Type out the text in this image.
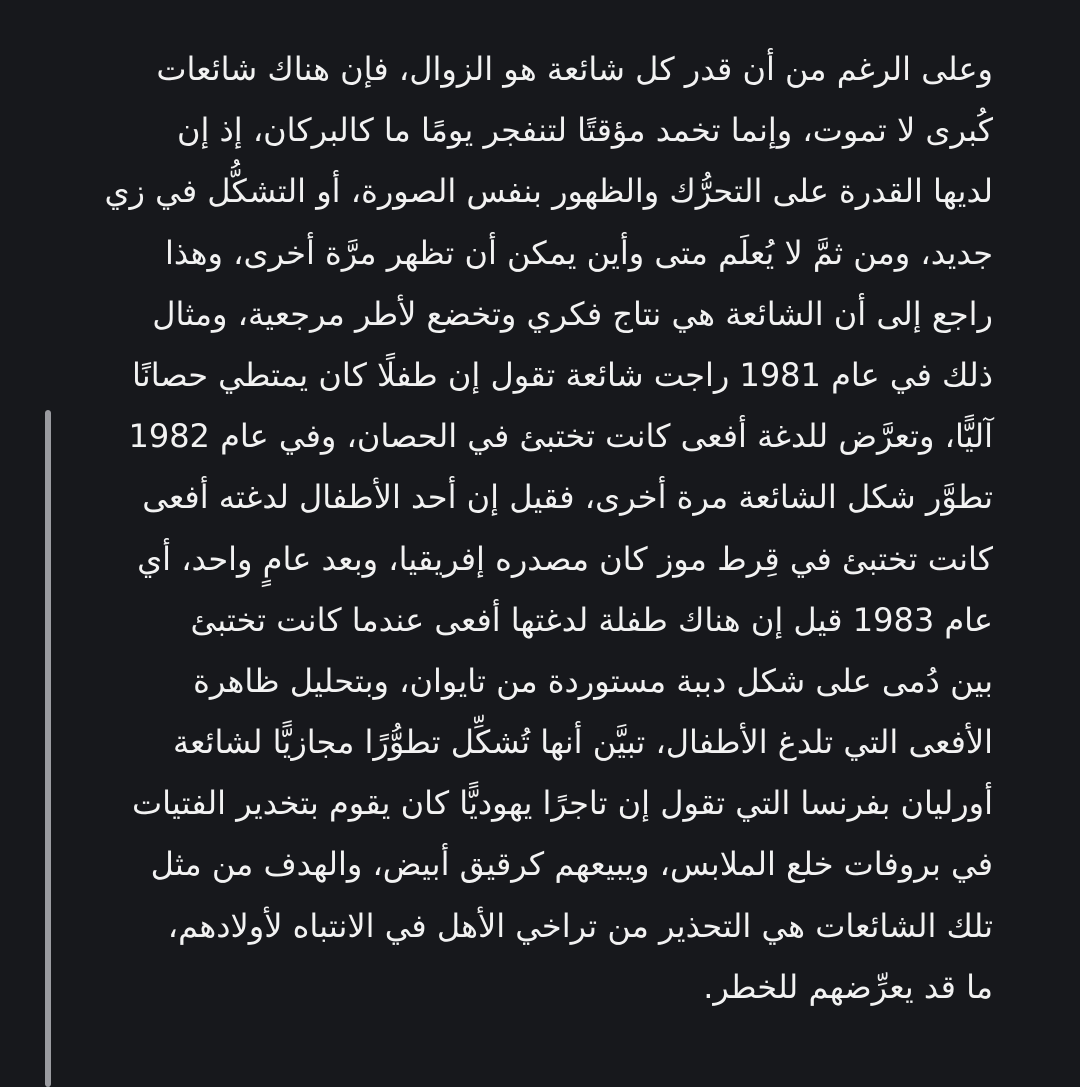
وعلى الرغم من أن قدر كل شائعة هو الزوال، فإن هناك شائعات
كُبرى لا تموت، وإنما تخمد مؤقتًا لتنفجر يومًا ما كالبركان، إذ إن
لديها القدرة على التحرُّك والظهور بنفس الصورة، أو التشكُّل في زي
جديد، ومن ثمَّ لا يُعلَم متى وأين يمكن أن تظهر مرَّة أخرى، وهذا
راجع إلى أن الشائعة هي نتاج فكري وتخضع لأطر مرجعية، ومثال
ذلك في عام 1981 راجت شائعة تقول إن طفلًا كان يمتطي حصانًا
آليًّا، وتعرَّض للدغة أفعى كانت تختبئ في الحصان، وفي عام 1982
تطوَّر شكل الشائعة مرة أخرى، فقيل إن أحد الأطفال لدغته أفعى
كانت تختبئ في قِرط موز كان مصدره إفريقيا، وبعد عامٍ واحد، أي
عام 1983 قيل إن هناك طفلة لدغتها أفعى عندما كانت تختبئ
بين دُمى على شكل دببة مستوردة من تايوان، وبتحليل ظاهرة
الأفعى التي تلدغ الأطفال، تبيَّن أنها تُشكِّل تطوُّرًا مجازيًّا لشائعة
أورليان بفرنسا التي تقول إن تاجرًا يهوديًّا كان يقوم بتخدير الفتيات
في بروفات خلع الملابس، ويبيعهم كرقيق أبيض، والهدف من مثل
تلك الشائعات هي التحذير من تراخي الأهل في الانتباه لأولادهم،
ما قد يعرِّضهم للخطر.
